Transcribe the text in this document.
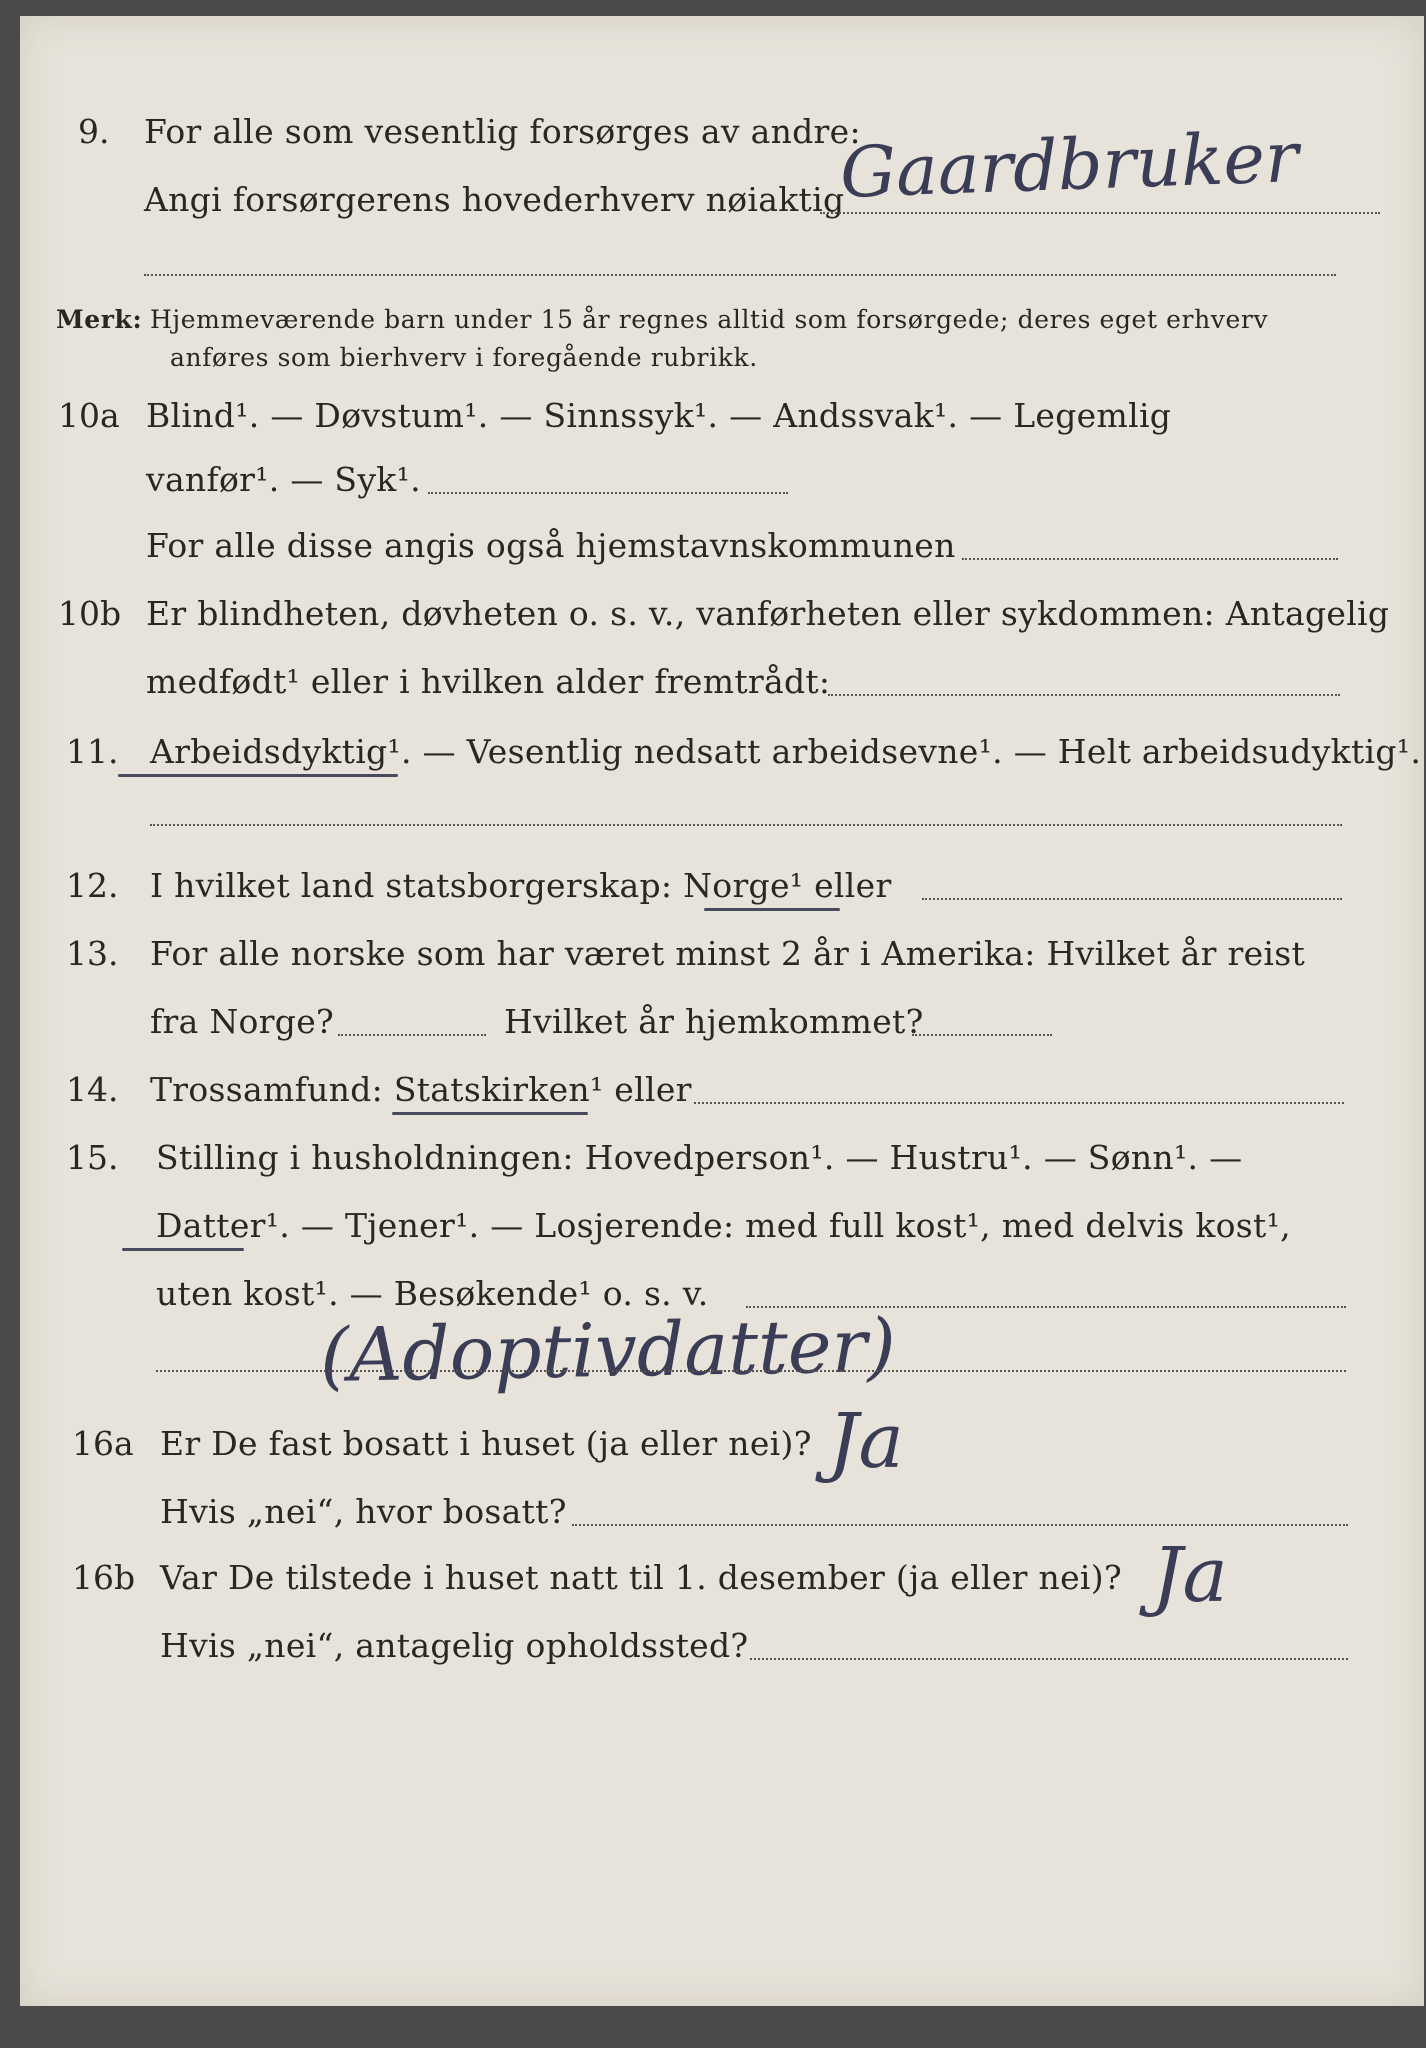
9. For alle som vesentlig forsørges av andre:
Angi forsørgerens hovederhverv nøiaktig
Gaardbruker
Merk: Hjemmeværende barn under 15 år regnes alltid som forsørgede; deres eget erhverv
anføres som bierhverv i foregående rubrikk.
10a Blind¹. — Døvstum¹. — Sinnssyk¹. — Andssvak¹. — Legemlig
vanfør¹. — Syk¹.
For alle disse angis også hjemstavnskommunen
10b Er blindheten, døvheten o. s. v., vanførheten eller sykdommen: Antagelig
medfødt¹ eller i hvilken alder fremtrådt:
11. Arbeidsdyktig¹. — Vesentlig nedsatt arbeidsevne¹. — Helt arbeidsudyktig¹.
12. I hvilket land statsborgerskap: Norge¹ eller
13. For alle norske som har været minst 2 år i Amerika: Hvilket år reist
fra Norge?	Hvilket år hjemkommet?
14. Trossamfund: Statskirken¹ eller
15. Stilling i husholdningen: Hovedperson¹. — Hustru¹. — Sønn¹. —
Datter¹. — Tjener¹. — Losjerende: med full kost¹, med delvis kost¹,
uten kost¹. — Besøkende¹ o. s. v.
(Adoptivdatter)
16a Er De fast bosatt i huset (ja eller nei)? Ja
Hvis „nei“, hvor bosatt?
16b Var De tilstede i huset natt til 1. desember (ja eller nei)? Ja
Hvis „nei“, antagelig opholdssted?
